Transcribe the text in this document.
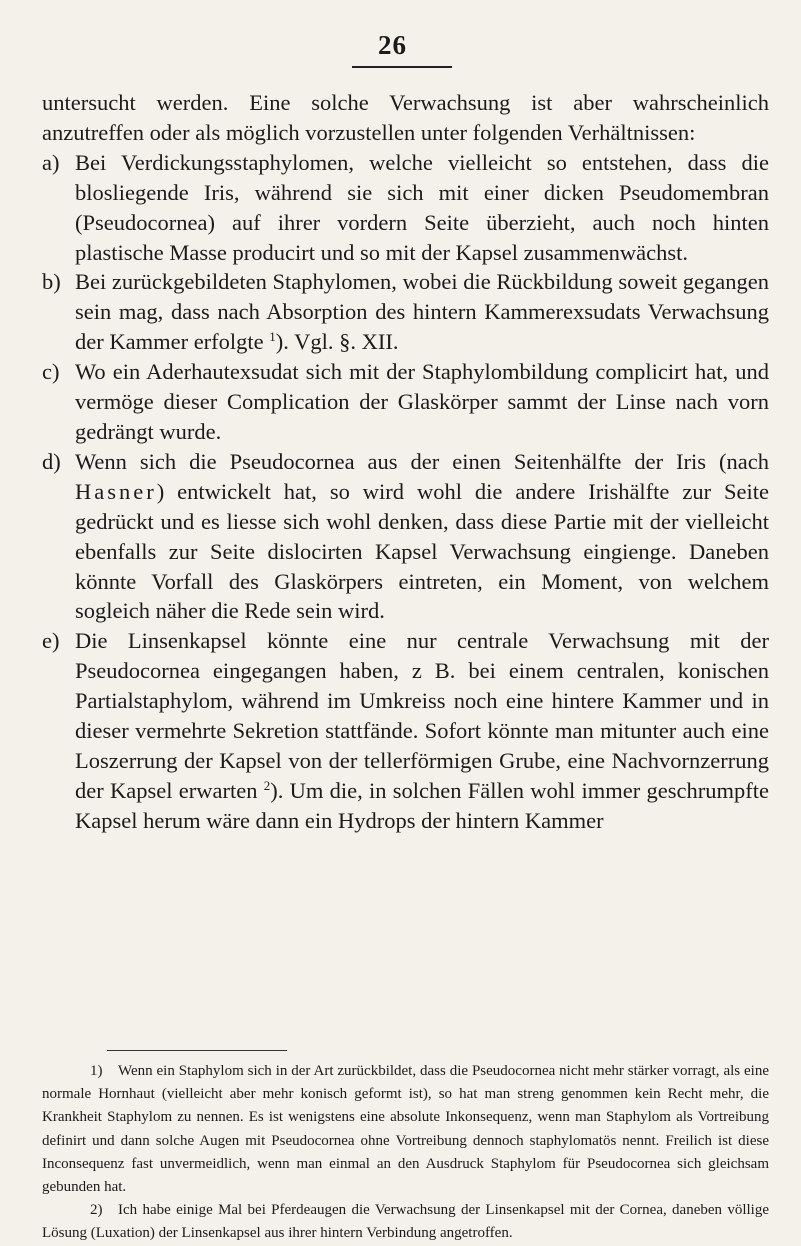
26

untersucht werden. Eine solche Verwachsung ist aber wahrscheinlich anzutreffen oder als möglich vorzustellen unter folgenden Verhältnissen:

a) Bei Verdickungsstaphylomen, welche vielleicht so entstehen, dass die blosliegende Iris, während sie sich mit einer dicken Pseudomembran (Pseudocornea) auf ihrer vordern Seite überzieht, auch noch hinten plastische Masse producirt und so mit der Kapsel zusammenwächst.
b) Bei zurückgebildeten Staphylomen, wobei die Rückbildung soweit gegangen sein mag, dass nach Absorption des hintern Kammerexsudats Verwachsung der Kammer erfolgte $^1$). Vgl. §. XII.
c) Wo ein Aderhautexsudat sich mit der Staphylombildung complicirt hat, und vermöge dieser Complication der Glaskörper sammt der Linse nach vorn gedrängt wurde.
d) Wenn sich die Pseudocornea aus der einen Seitenhälfte der Iris (nach Hasner) entwickelt hat, so wird wohl die andere Irishälfte zur Seite gedrückt und es liesse sich wohl denken, dass diese Partie mit der vielleicht ebenfalls zur Seite dislocirten Kapsel Verwachsung eingienge. Daneben könnte Vorfall des Glaskörpers eintreten, ein Moment, von welchem sogleich näher die Rede sein wird.
e) Die Linsenkapsel könnte eine nur centrale Verwachsung mit der Pseudocornea eingegangen haben, z B. bei einem centralen, konischen Partialstaphylom, während im Umkreiss noch eine hintere Kammer und in dieser vermehrte Sekretion stattfände. Sofort könnte man mitunter auch eine Loszerrung der Kapsel von der tellerförmigen Grube, eine Nachvornzerrung der Kapsel erwarten $^2$). Um die, in solchen Fällen wohl immer geschrumpfte Kapsel herum wäre dann ein Hydrops der hintern Kammer

1) Wenn ein Staphylom sich in der Art zurückbildet, dass die Pseudocornea nicht mehr stärker vorragt, als eine normale Hornhaut (vielleicht aber mehr konisch geformt ist), so hat man streng genommen kein Recht mehr, die Krankheit Staphylom zu nennen. Es ist wenigstens eine absolute Inkonsequenz, wenn man Staphylom als Vortreibung definirt und dann solche Augen mit Pseudocornea ohne Vortreibung dennoch staphylomatös nennt. Freilich ist diese Inconsequenz fast unvermeidlich, wenn man einmal an den Ausdruck Staphylom für Pseudocornea sich gleichsam gebunden hat.

2) Ich habe einige Mal bei Pferdeaugen die Verwachsung der Linsenkapsel mit der Cornea, daneben völlige Lösung (Luxation) der Linsenkapsel aus ihrer hintern Verbindung angetroffen.
